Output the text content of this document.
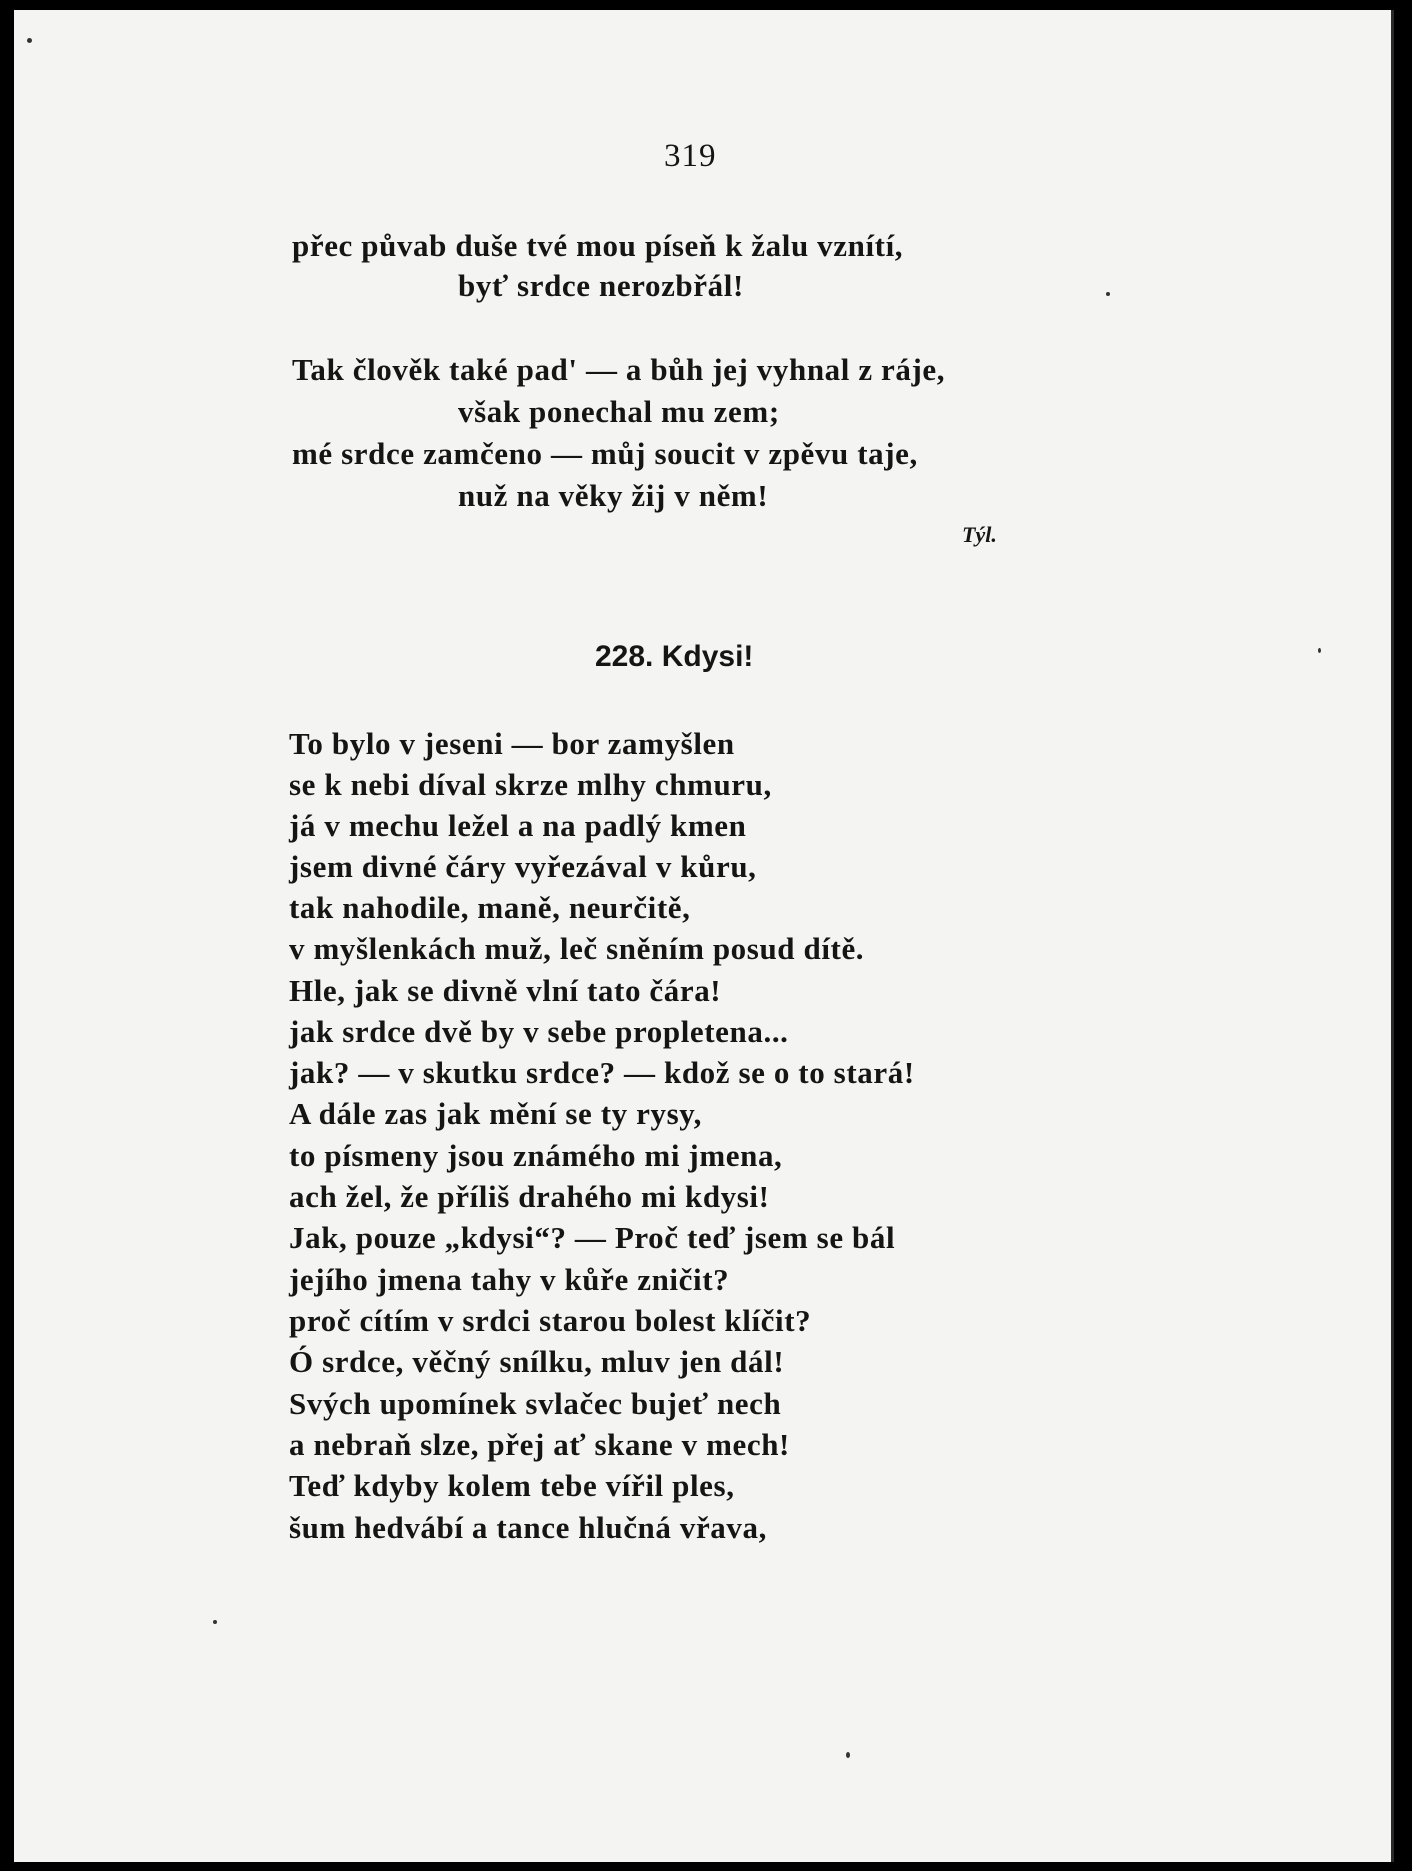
319
přec půvab duše tvé mou píseň k žalu vznítí,
byť srdce nerozbřál!
Tak člověk také pad' — a bůh jej vyhnal z ráje,
však ponechal mu zem;
mé srdce zamčeno — můj soucit v zpěvu taje,
nuž na věky žij v něm!
Týl.
228. Kdysi!
To bylo v jeseni — bor zamyšlen
se k nebi díval skrze mlhy chmuru,
já v mechu ležel a na padlý kmen
jsem divné čáry vyřezával v kůru,
tak nahodile, maně, neurčitě,
v myšlenkách muž, leč sněním posud dítě.
Hle, jak se divně vlní tato čára!
jak srdce dvě by v sebe propletena...
jak? — v skutku srdce? — kdož se o to stará!
A dále zas jak mění se ty rysy,
to písmeny jsou známého mi jmena,
ach žel, že příliš drahého mi kdysi!
Jak, pouze „kdysi“? — Proč teď jsem se bál
jejího jmena tahy v kůře zničit?
proč cítím v srdci starou bolest klíčit?
Ó srdce, věčný snílku, mluv jen dál!
Svých upomínek svlačec bujeť nech
a nebraň slze, přej ať skane v mech!
Teď kdyby kolem tebe vířil ples,
šum hedvábí a tance hlučná vřava,
